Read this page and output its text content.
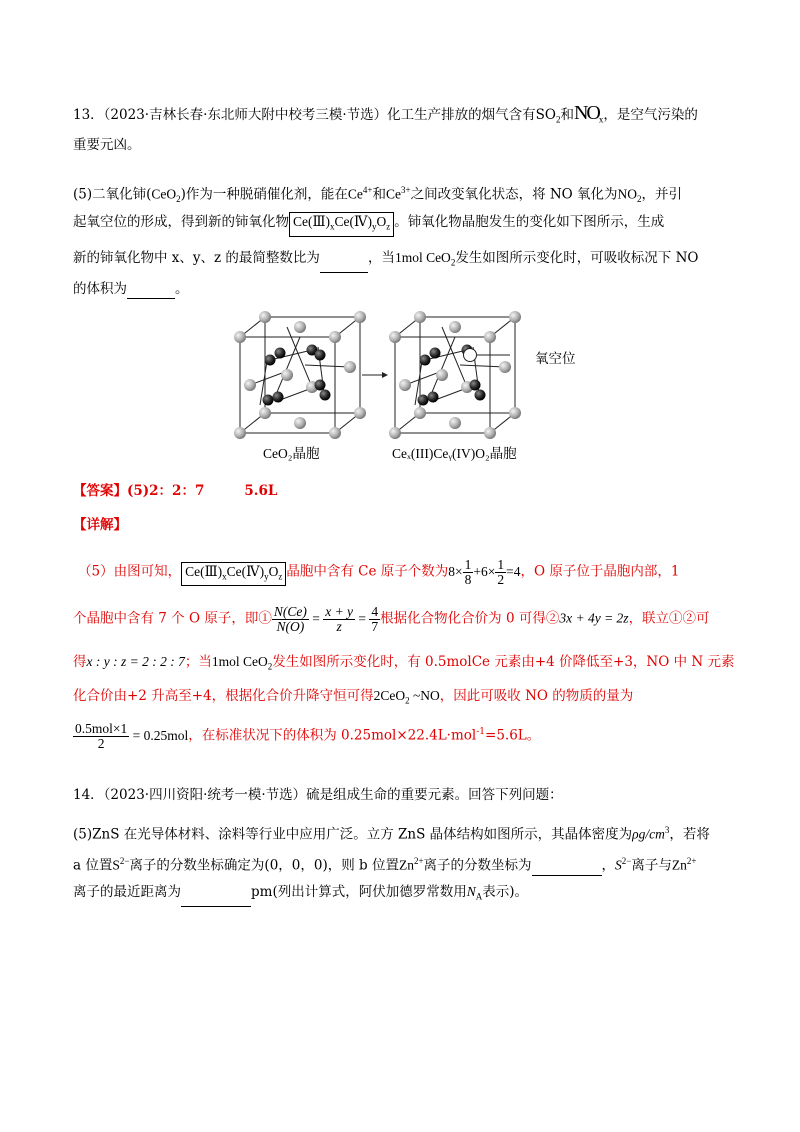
13．（2023·吉林长春·东北师大附中校考三模·节选）化工生产排放的烟气含有$SO_2$和$NO_x$，是空气污染的
重要元凶。
(5)二氧化铈(CeO$_2$)作为一种脱硝催化剂，能在$Ce^{4+}$和$Ce^{3+}$之间改变氧化状态，将 NO 氧化为$NO_2$，并引
起氧空位的形成，得到新的铈氧化物 $Ce(Ⅲ)_xCe(Ⅳ)_yO_z$ 。铈氧化物晶胞发生的变化如下图所示，生成
新的铈氧化物中 x、y、z 的最简整数比为	，当1mol CeO$_2$发生如图所示变化时，可吸收标况下 NO
的体积为	。
氧空位
CeO₂晶胞	Ceₓ(III)Ceᵧ(IV)O₂晶胞
【答案】(5)2：2：7	5.6L
【详解】
（5）由图可知， $Ce(Ⅲ)_xCe(Ⅳ)_yO_z$ 晶胞中含有 Ce 原子个数为$8\times \frac{1}{8} +6\times \frac{1}{2} =4$，O 原子位于晶胞内部，1
个晶胞中含有 7 个 O 原子，即① $\frac{N(Ce)}{N(O)} = \frac{x + y}{z} = \frac{4}{7}$ 根据化合物化合价为 0 可得②3x + 4y = 2z，联立①②可
得x : y : z = 2 : 2 : 7；当1mol CeO$_2$发生如图所示变化时，有 0.5molCe 元素由+4 价降低至+3，NO 中 N 元素
化合价由+2 升高至+4，根据化合价升降守恒可得2CeO$_2$ ~NO，因此可吸收 NO 的物质的量为
$\frac{\text{0.5mol×1}}{2} = 0.25mol$，在标准状况下的体积为 0.25mol×22.4L·mol$^{-1}$=5.6L。
14．（2023·四川资阳·统考一模·节选）硫是组成生命的重要元素。回答下列问题：
(5)ZnS 在光导体材料、涂料等行业中应用广泛。立方 ZnS 晶体结构如图所示，其晶体密度为$\rho g/cm^3$，若将
a 位置$S^{2-}$离子的分数坐标确定为(0，0，0)，则 b 位置$Zn^{2+}$离子的分数坐标为	，$S^{2-}$离子与$Zn^{2+}$
离子的最近距离为	pm(列出计算式，阿伏加德罗常数用$N_A$表示)。
